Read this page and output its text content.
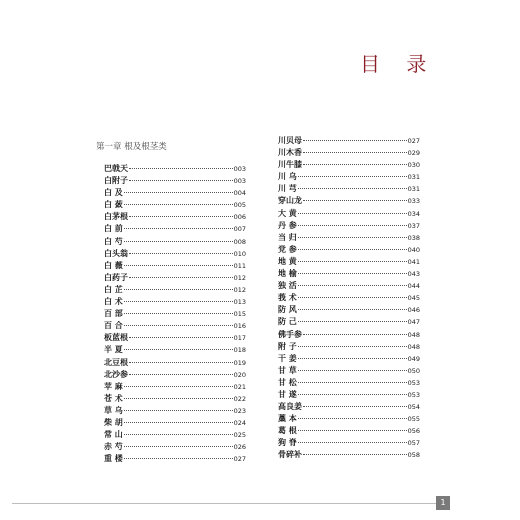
目 录
第一章 根及根茎类
巴戟天	003
白附子	003
白 及	004
白 蔹	005
白茅根	006
白 前	007
白 芍	008
白头翁	010
白 薇	011
白药子	012
白 芷	012
白 术	013
百 部	015
百 合	016
板蓝根	017
半 夏	018
北豆根	019
北沙参	020
苹 麻	021
苍 术	022
草 乌	023
柴 胡	024
常 山	025
赤 芍	026
重 楼	027
川贝母	027
川木香	029
川牛膝	030
川 乌	031
川 芎	031
穿山龙	033
大 黄	034
丹 参	037
当 归	038
党 参	040
地 黄	041
地 榆	043
独 活	044
莪 术	045
防 风	046
防 己	047
佛手参	048
附 子	048
干 姜	049
甘 草	050
甘 松	053
甘 遂	053
高良姜	054
藁 本	055
葛 根	056
狗 脊	057
骨碎补	058
1
